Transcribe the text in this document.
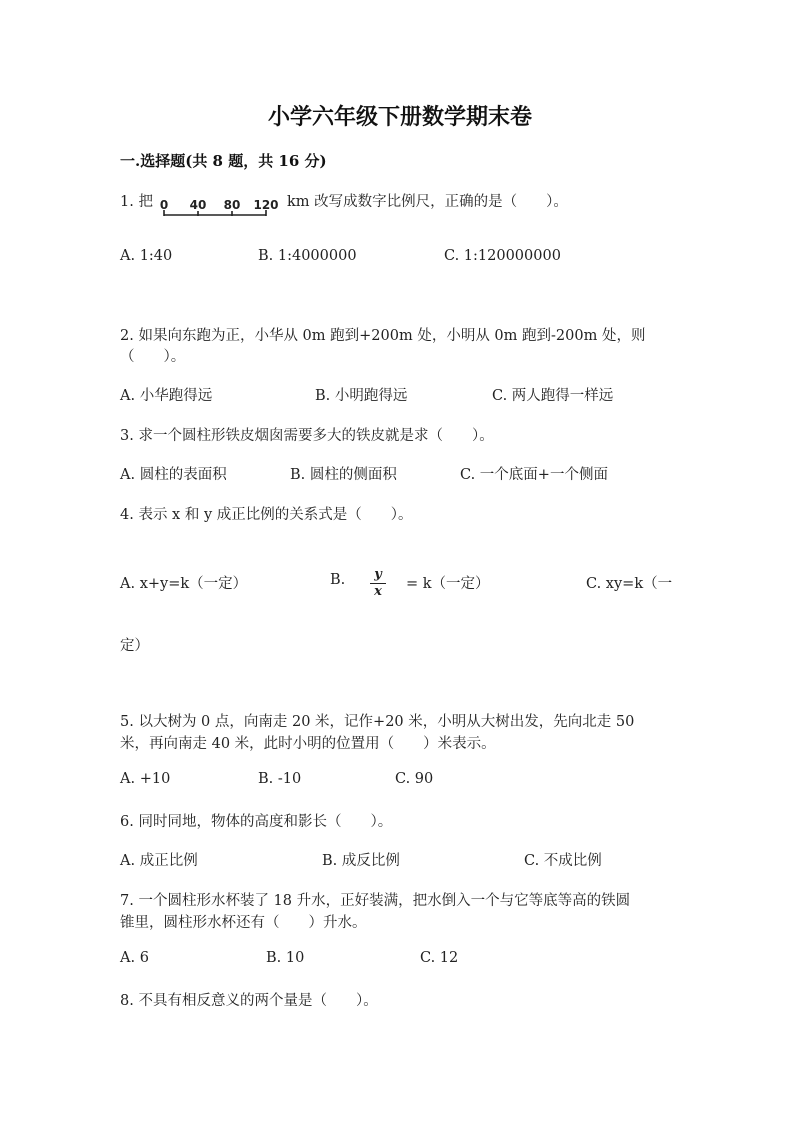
小学六年级下册数学期末卷
一.选择题(共 8 题，共 16 分)
1. 把 0 40 80 120 km 改写成数字比例尺，正确的是（　　）。
A. 1:40	B. 1:4000000	C. 1:120000000
2. 如果向东跑为正，小华从 0m 跑到+200m 处，小明从 0m 跑到-200m 处，则
（　　）。
A. 小华跑得远	B. 小明跑得远	C. 两人跑得一样远
3. 求一个圆柱形铁皮烟囱需要多大的铁皮就是求（　　）。
A. 圆柱的表面积	B. 圆柱的侧面积	C. 一个底面+一个侧面
4. 表示 x 和 y 成正比例的关系式是（　　）。
A. x+y=k（一定）	B.	y
x	= k（一定）	C. xy=k（一
定）
5. 以大树为 0 点，向南走 20 米，记作+20 米，小明从大树出发，先向北走 50
米，再向南走 40 米，此时小明的位置用（　　）米表示。
A. +10	B. -10	C. 90
6. 同时同地，物体的高度和影长（　　）。
A. 成正比例	B. 成反比例	C. 不成比例
7. 一个圆柱形水杯装了 18 升水，正好装满，把水倒入一个与它等底等高的铁圆
锥里，圆柱形水杯还有（　　）升水。
A. 6	B. 10	C. 12
8. 不具有相反意义的两个量是（　　）。
